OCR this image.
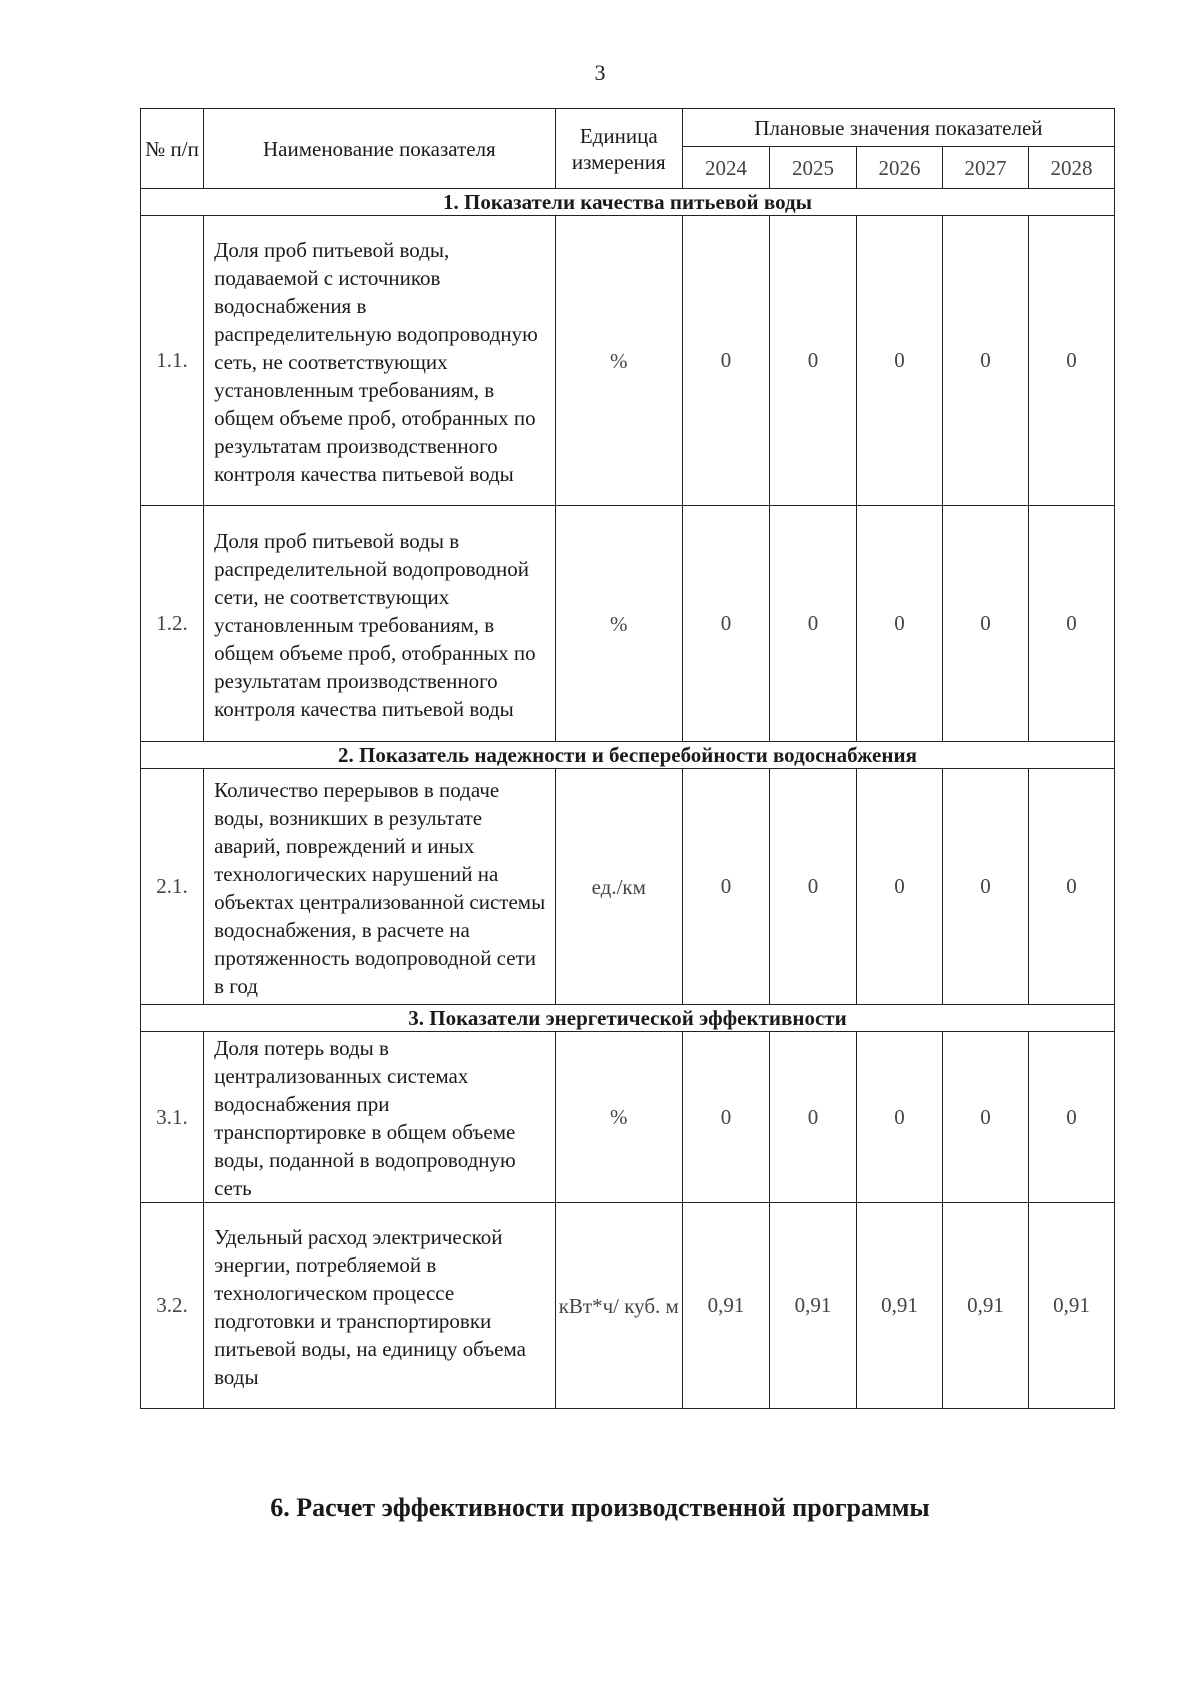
3
№ п/п	Наименование показателя	Единица измерения	Плановые значения показателей				
			2024	2025	2026	2027	2028
1. Показатели качества питьевой воды							
1.1.	Доля проб питьевой воды, подаваемой с источников водоснабжения в распределительную водопроводную сеть, не соответствующих установленным требованиям, в общем объеме проб, отобранных по результатам производственного контроля качества питьевой воды	%	0	0	0	0	0
1.2.	Доля проб питьевой воды в распределительной водопроводной сети, не соответствующих установленным требованиям, в общем объеме проб, отобранных по результатам производственного контроля качества питьевой воды	%	0	0	0	0	0
2. Показатель надежности и бесперебойности водоснабжения							
2.1.	Количество перерывов в подаче воды, возникших в результате аварий, повреждений и иных технологических нарушений на объектах централизованной системы водоснабжения, в расчете на протяженность водопроводной сети в год	ед./км	0	0	0	0	0
3. Показатели энергетической эффективности							
3.1.	Доля потерь воды в централизованных системах водоснабжения при транспортировке в общем объеме воды, поданной в водопроводную сеть	%	0	0	0	0	0
3.2.	Удельный расход электрической энергии, потребляемой в технологическом процессе подготовки и транспортировки питьевой воды, на единицу объема воды	кВт*ч/ куб. м	0,91	0,91	0,91	0,91	0,91
6. Расчет эффективности производственной программы
